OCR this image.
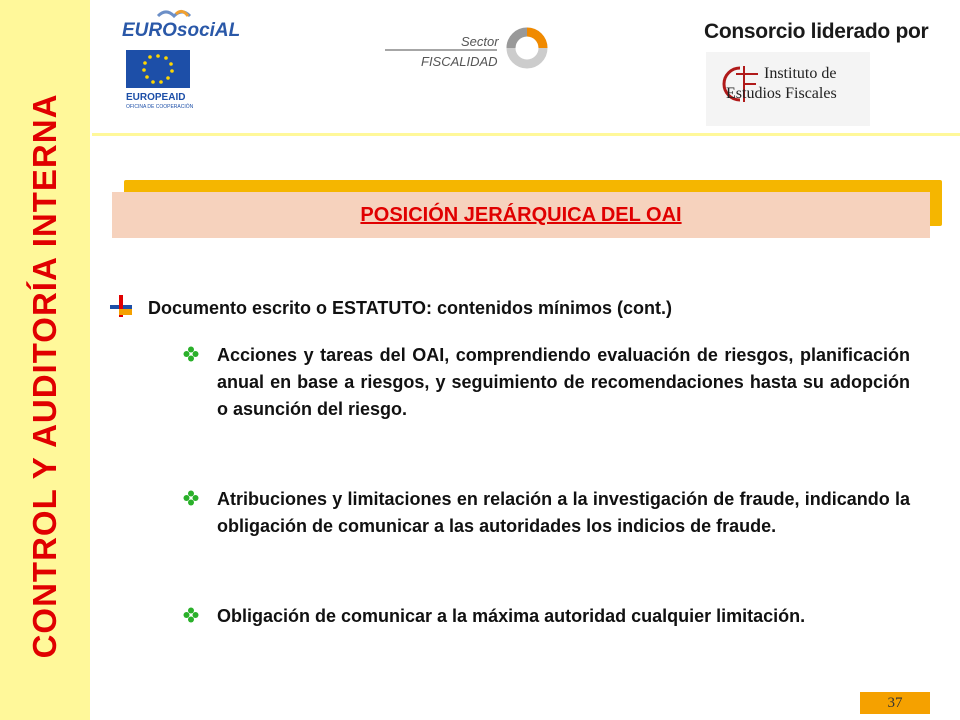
CONTROL Y AUDITORÍA INTERNA
EUROsociAL
EUROPEAID
OFICINA DE COOPERACIÓN
Sector
FISCALIDAD
Consorcio liderado por
Instituto de
Estudios Fiscales
POSICIÓN JERÁRQUICA DEL OAI
Documento escrito o ESTATUTO: contenidos mínimos (cont.)

Acciones y tareas del OAI, comprendiendo evaluación de riesgos, planificación anual en base a riesgos, y seguimiento de recomendaciones hasta su adopción o asunción del riesgo.

Atribuciones y limitaciones en relación a la investigación de fraude, indicando la obligación de comunicar a las autoridades los indicios de fraude.

Obligación de comunicar a la máxima autoridad cualquier limitación.

37
